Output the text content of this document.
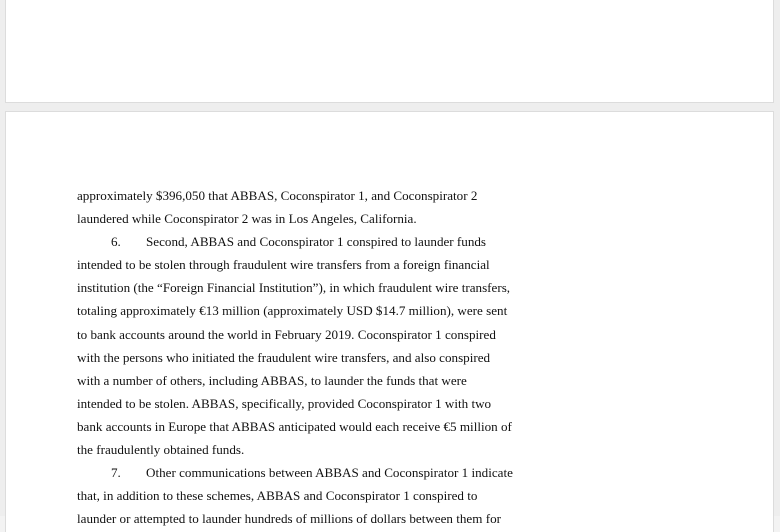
approximately $396,050 that ABBAS, Coconspirator 1, and Coconspirator 2
laundered while Coconspirator 2 was in Los Angeles, California.
6. Second, ABBAS and Coconspirator 1 conspired to launder funds
intended to be stolen through fraudulent wire transfers from a foreign financial
institution (the “Foreign Financial Institution”), in which fraudulent wire transfers,
totaling approximately €13 million (approximately USD $14.7 million), were sent
to bank accounts around the world in February 2019. Coconspirator 1 conspired
with the persons who initiated the fraudulent wire transfers, and also conspired
with a number of others, including ABBAS, to launder the funds that were
intended to be stolen. ABBAS, specifically, provided Coconspirator 1 with two
bank accounts in Europe that ABBAS anticipated would each receive €5 million of
the fraudulently obtained funds.
7. Other communications between ABBAS and Coconspirator 1 indicate
that, in addition to these schemes, ABBAS and Coconspirator 1 conspired to
launder or attempted to launder hundreds of millions of dollars between them for
